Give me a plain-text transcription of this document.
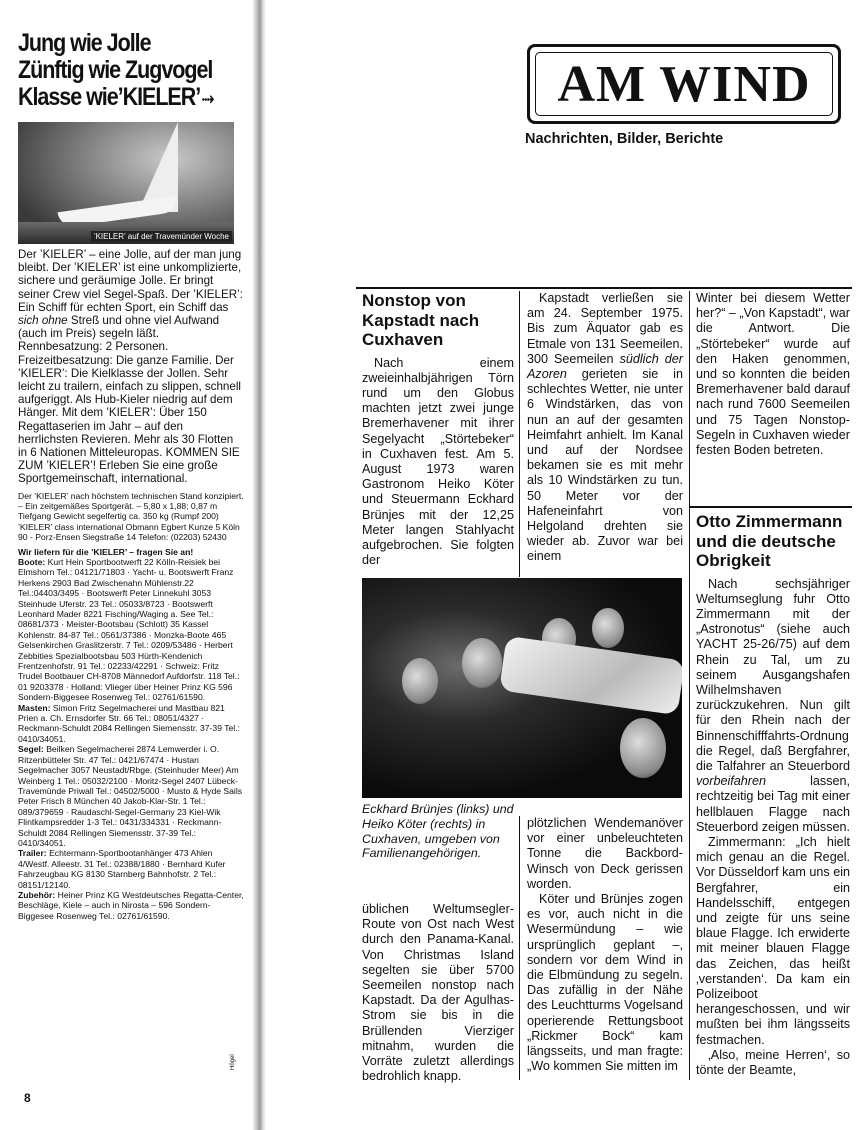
Jung wie Jolle
Zünftig wie Zugvogel
Klasse wie’KIELER’⤑
’KIELER’ auf der Travemünder Woche
Der ’KIELER’ – eine Jolle, auf der man jung bleibt. Der ’KIELER’ ist eine unkomplizierte, sichere und geräumige Jolle. Er bringt seiner Crew viel Segel-Spaß. Der ’KIELER’: Ein Schiff für echten Sport, ein Schiff das sich ohne Streß und ohne viel Aufwand (auch im Preis) segeln läßt. Rennbesatzung: 2 Personen. Freizeitbesatzung: Die ganze Familie. Der ’KIELER’: Die Kielklasse der Jollen. Sehr leicht zu trailern, einfach zu slippen, schnell aufgeriggt. Als Hub-Kieler niedrig auf dem Hänger. Mit dem ’KIELER’: Über 150 Regattaserien im Jahr – auf den herrlichsten Revieren. Mehr als 30 Flotten in 6 Nationen Mitteleuropas. KOMMEN SIE ZUM ’KIELER’! Erleben Sie eine große Sportgemeinschaft, international.
Der ’KIELER’ nach höchstem technischen Stand konzipiert. – Ein zeitgemäßes Sportgerät. – 5,80 x 1,88; 0,87 m Tiefgang Gewicht segelfertig ca. 350 kg (Rumpf 200) ’KIELER’ class international Obmann Egbert Kunze 5 Köln 90 - Porz-Ensen Siegstraße 14 Telefon: (02203) 52430
Wir liefern für die ’KIELER’ – fragen Sie an!
Boote: Kurt Hein Sportbootwerft 22 Kölln-Reisiek bei Elmshorn Tel.: 04121/71803 · Yacht- u. Bootswerft Franz Herkens 2903 Bad Zwischenahn Mühlenstr.22 Tel.:04403/3495 · Bootswerft Peter Linnekuhl 3053 Steinhude Uferstr. 23 Tel.: 05033/8723 · Bootswerft Leonhard Mader 8221 Fisching/Waging a. See Tel.: 08681/373 · Meister-Bootsbau (Schlott) 35 Kassel Kohlenstr. 84-87 Tel.: 0561/37386 · Monzka-Boote 465 Gelsenkirchen Graslitzerstr. 7 Tel.: 0209/53486 · Herbert Zebbities Spezialbootsbau 503 Hürth-Kendenich Frentzenhofstr. 91 Tel.: 02233/42291 · Schweiz: Fritz Trudel Bootbauer CH-8708 Männedorf Aufdorfstr. 118 Tel.: 01 9203378 · Holland: Vlieger über Heiner Prinz KG 596 Sondern-Biggesee Rosenweg Tel.: 02761/61590.
Masten: Simon Fritz Segelmacherei und Mastbau 821 Prien a. Ch. Ernsdorfer Str. 66 Tel.: 08051/4327 · Reckmann-Schuldt 2084 Rellingen Siemensstr. 37-39 Tel.: 0410/34051.
Segel: Beilken Segelmacherei 2874 Lemwerder i. O. Ritzenbütteler Str. 47 Tel.: 0421/67474 · Hustan Segelmacher 3057 Neustadt/Rbge. (Steinhuder Meer) Am Weinberg 1 Tel.: 05032/2100 · Moritz-Segel 2407 Lübeck-Travemünde Priwall Tel.: 04502/5000 · Musto & Hyde Sails Peter Frisch 8 München 40 Jakob-Klar-Str. 1 Tel.: 089/379659 · Raudaschl-Segel-Germany 23 Kiel-Wik Flintkampsredder 1-3 Tel.: 0431/334331 · Reckmann-Schuldt 2084 Rellingen Siemensstr. 37-39 Tel.: 0410/34051.
Trailer: Echtermann-Sportbootanhänger 473 Ahlen 4/Westf. Alleestr. 31 Tel.: 02388/1880 · Bernhard Kufer Fahrzeugbau KG 8130 Starnberg Bahnhofstr. 2 Tel.: 08151/12140.
Zubehör: Heiner Prinz KG Westdeutsches Regatta-Center, Beschläge, Kiele – auch in Nirosta – 596 Sondern-Biggesee Rosenweg Tel.: 02761/61590.
8
Högel
AM WIND
Nachrichten, Bilder, Berichte
Nonstop von Kapstadt nach Cuxhaven
Nach einem zweieinhalbjährigen Törn rund um den Globus machten jetzt zwei junge Bremerhavener mit ihrer Segelyacht „Störtebeker“ in Cuxhaven fest. Am 5. August 1973 waren Gastronom Heiko Köter und Steuermann Eckhard Brünjes mit der 12,25 Meter langen Stahlyacht aufgebrochen. Sie folgten der
Kapstadt verließen sie am 24. September 1975. Bis zum Äquator gab es Etmale von 131 Seemeilen. 300 Seemeilen südlich der Azoren gerieten sie in schlechtes Wetter, nie unter 6 Windstärken, das von nun an auf der gesamten Heimfahrt anhielt. Im Kanal und auf der Nordsee bekamen sie es mit mehr als 10 Windstärken zu tun. 50 Meter vor der Hafeneinfahrt von Helgoland drehten sie wieder ab. Zuvor war bei einem
Winter bei diesem Wetter her?“ – „Von Kapstadt“, war die Antwort. Die „Störtebeker“ wurde auf den Haken genommen, und so konnten die beiden Bremerhavener bald darauf nach rund 7600 Seemeilen und 75 Tagen Nonstop-Segeln in Cuxhaven wieder festen Boden betreten.
Eckhard Brünjes (links) und Heiko Köter (rechts) in Cuxhaven, umgeben von Familienangehörigen.
üblichen Weltumsegler-Route von Ost nach West durch den Panama-Kanal. Von Christmas Island segelten sie über 5700 Seemeilen nonstop nach Kapstadt. Da der Agulhas-Strom sie bis in die Brüllenden Vierziger mitnahm, wurden die Vorräte zuletzt allerdings bedrohlich knapp.
plötzlichen Wendemanöver vor einer unbeleuchteten Tonne die Backbord-Winsch von Deck gerissen worden.
Köter und Brünjes zogen es vor, auch nicht in die Wesermündung – wie ursprünglich geplant –, sondern vor dem Wind in die Elbmündung zu segeln. Das zufällig in der Nähe des Leuchtturms Vogelsand operierende Rettungsboot „Rickmer Bock“ kam längsseits, und man fragte: „Wo kommen Sie mitten im
Otto Zimmermann und die deutsche Obrigkeit
Nach sechsjähriger Weltumseglung fuhr Otto Zimmermann mit der „Astronotus“ (siehe auch YACHT 25-26/75) auf dem Rhein zu Tal, um zu seinem Ausgangshafen Wilhelmshaven zurückzukehren. Nun gilt für den Rhein nach der Binnenschifffahrts-Ordnung die Regel, daß Bergfahrer, die Talfahrer an Steuerbord vorbeifahren lassen, rechtzeitig bei Tag mit einer hellblauen Flagge nach Steuerbord zeigen müssen.
Zimmermann: „Ich hielt mich genau an die Regel. Vor Düsseldorf kam uns ein Bergfahrer, ein Handelsschiff, entgegen und zeigte für uns seine blaue Flagge. Ich erwiderte mit meiner blauen Flagge das Zeichen, das heißt ‚verstanden‘. Da kam ein Polizeiboot herangeschossen, und wir mußten bei ihm längsseits festmachen.
‚Also, meine Herren‘, so tönte der Beamte,
